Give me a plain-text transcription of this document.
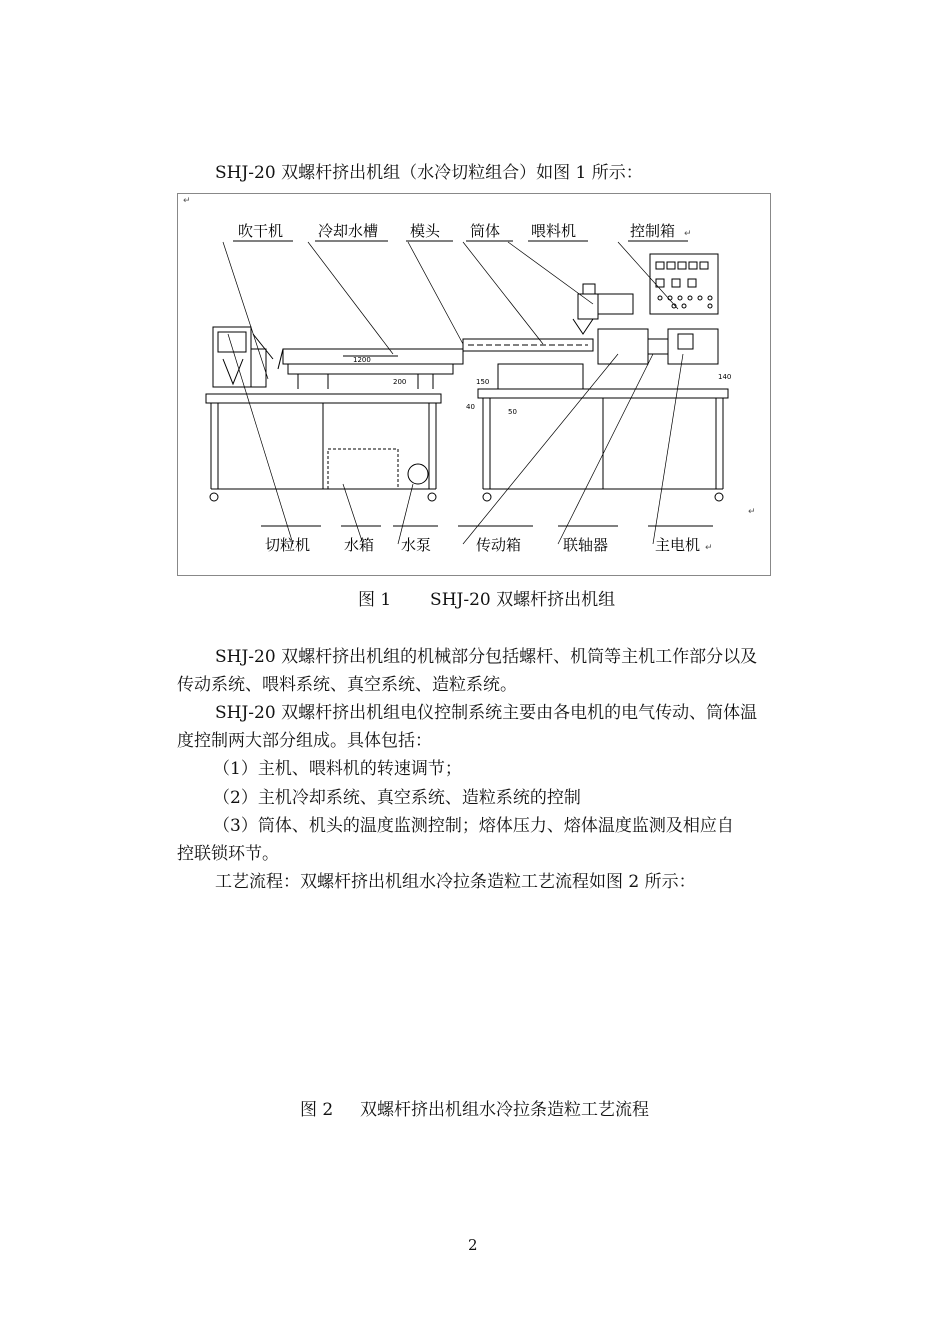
SHJ-20 双螺杆挤出机组（水冷切粒组合）如图 1 所示：
↵
吹干机 冷却水槽 模头 筒体 喂料机	控制箱 ↵
1200
200	150
40
50
140
↵
切粒机 水箱 水泵	传动箱	联轴器	主电机 ↵
图 1 SHJ-20 双螺杆挤出机组
SHJ-20 双螺杆挤出机组的机械部分包括螺杆、机筒等主机工作部分以及
传动系统、喂料系统、真空系统、造粒系统。
SHJ-20 双螺杆挤出机组电仪控制系统主要由各电机的电气传动、筒体温
度控制两大部分组成。具体包括：
（1）主机、喂料机的转速调节；
（2）主机冷却系统、真空系统、造粒系统的控制
（3）筒体、机头的温度监测控制；熔体压力、熔体温度监测及相应自
控联锁环节。
工艺流程：双螺杆挤出机组水冷拉条造粒工艺流程如图 2 所示：
图 2 双螺杆挤出机组水冷拉条造粒工艺流程
2
